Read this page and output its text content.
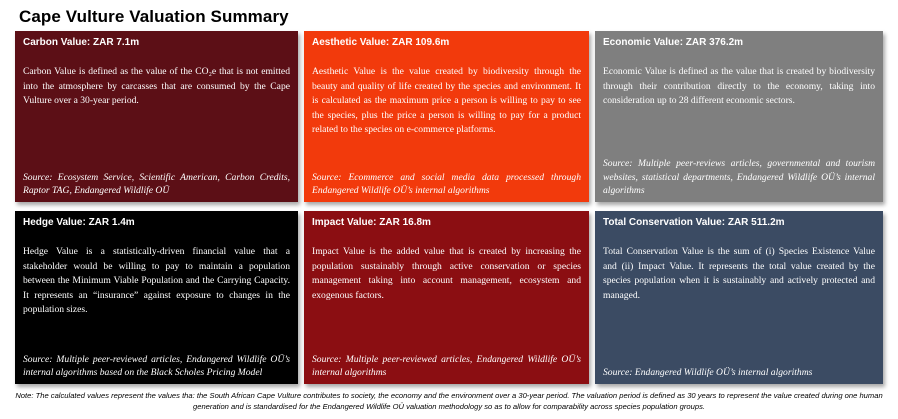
Cape Vulture Valuation Summary
Carbon Value: ZAR 7.1m
Carbon Value is defined as the value of the CO₂e that is not emitted into the atmosphere by carcasses that are consumed by the Cape Vulture over a 30-year period.
Source: Ecosystem Service, Scientific American, Carbon Credits, Raptor TAG, Endangered Wildlife OÜ
Aesthetic Value: ZAR 109.6m
Aesthetic Value is the value created by biodiversity through the beauty and quality of life created by the species and environment. It is calculated as the maximum price a person is willing to pay to see the species, plus the price a person is willing to pay for a product related to the species on e-commerce platforms.
Source: Ecommerce and social media data processed through Endangered Wildlife OÜ’s internal algorithms
Economic Value: ZAR 376.2m
Economic Value is defined as the value that is created by biodiversity through their contribution directly to the economy, taking into consideration up to 28 different economic sectors.
Source: Multiple peer-reviews articles, governmental and tourism websites, statistical departments, Endangered Wildlife OÜ’s internal algorithms
Hedge Value: ZAR 1.4m
Hedge Value is a statistically-driven financial value that a stakeholder would be willing to pay to maintain a population between the Minimum Viable Population and the Carrying Capacity. It represents an “insurance” against exposure to changes in the population sizes.
Source: Multiple peer-reviewed articles, Endangered Wildlife OÜ’s internal algorithms based on the Black Scholes Pricing Model
Impact Value: ZAR 16.8m
Impact Value is the added value that is created by increasing the population sustainably through active conservation or species management taking into account management, ecosystem and exogenous factors.
Source: Multiple peer-reviewed articles, Endangered Wildlife OÜ’s internal algorithms
Total Conservation Value: ZAR 511.2m
Total Conservation Value is the sum of (i) Species Existence Value and (ii) Impact Value. It represents the total value created by the species population when it is sustainably and actively protected and managed.
Source: Endangered Wildlife OÜ’s internal algorithms
Note: The calculated values represent the values tha: the South African Cape Vulture contributes to society, the economy and the environment over a 30-year period. The valuation period is defined as 30 years to represent the value created during one human generation and is standardised for the Endangered Wildlife OÜ valuation methodology so as to allow for comparability across species population groups.
